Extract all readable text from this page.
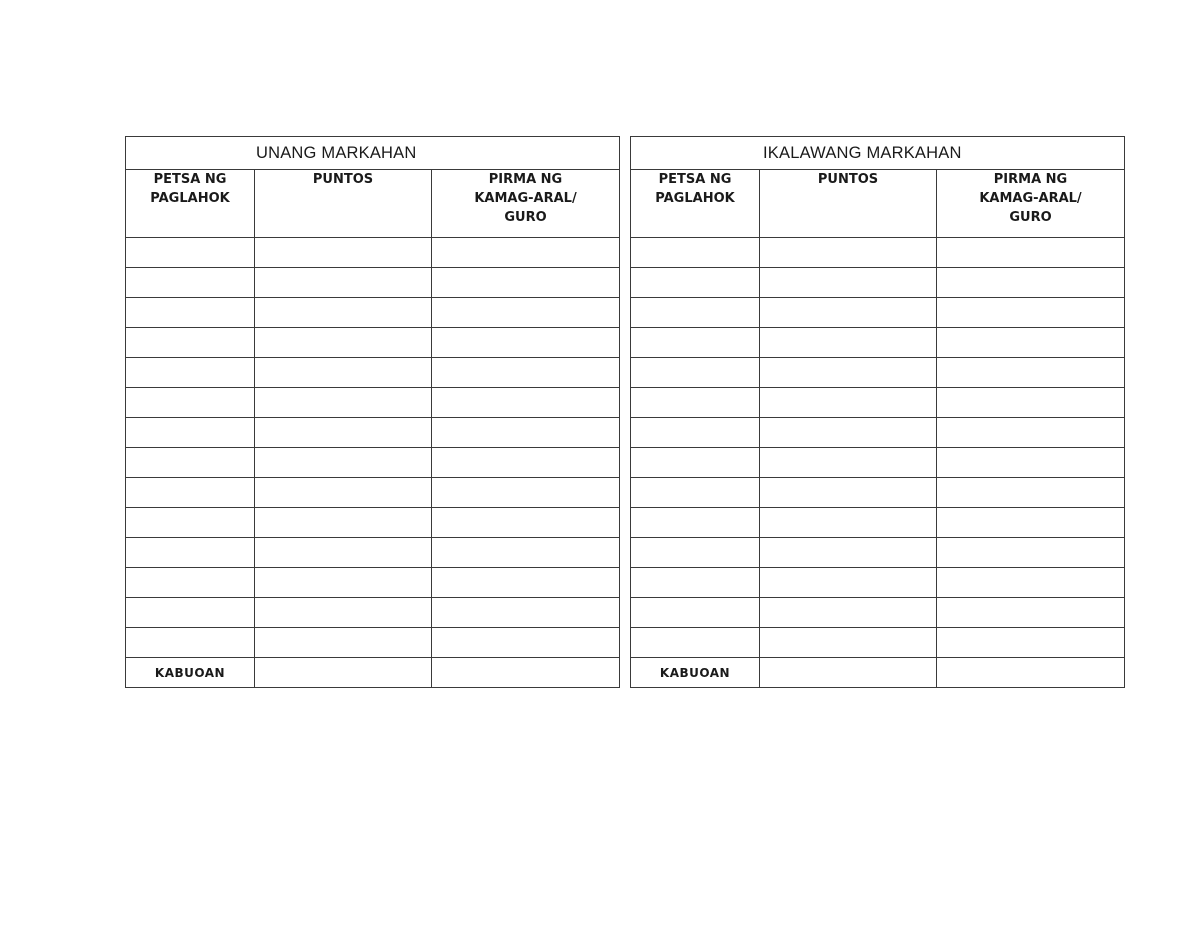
UNANG MARKAHAN		

PETSA NG
PAGLAHOK	PUNTOS	PIRMA NG
KAMAG-ARAL/
GURO

KABUOAN		
IKALAWANG MARKAHAN		

PETSA NG
PAGLAHOK	PUNTOS	PIRMA NG
KAMAG-ARAL/
GURO

KABUOAN		
